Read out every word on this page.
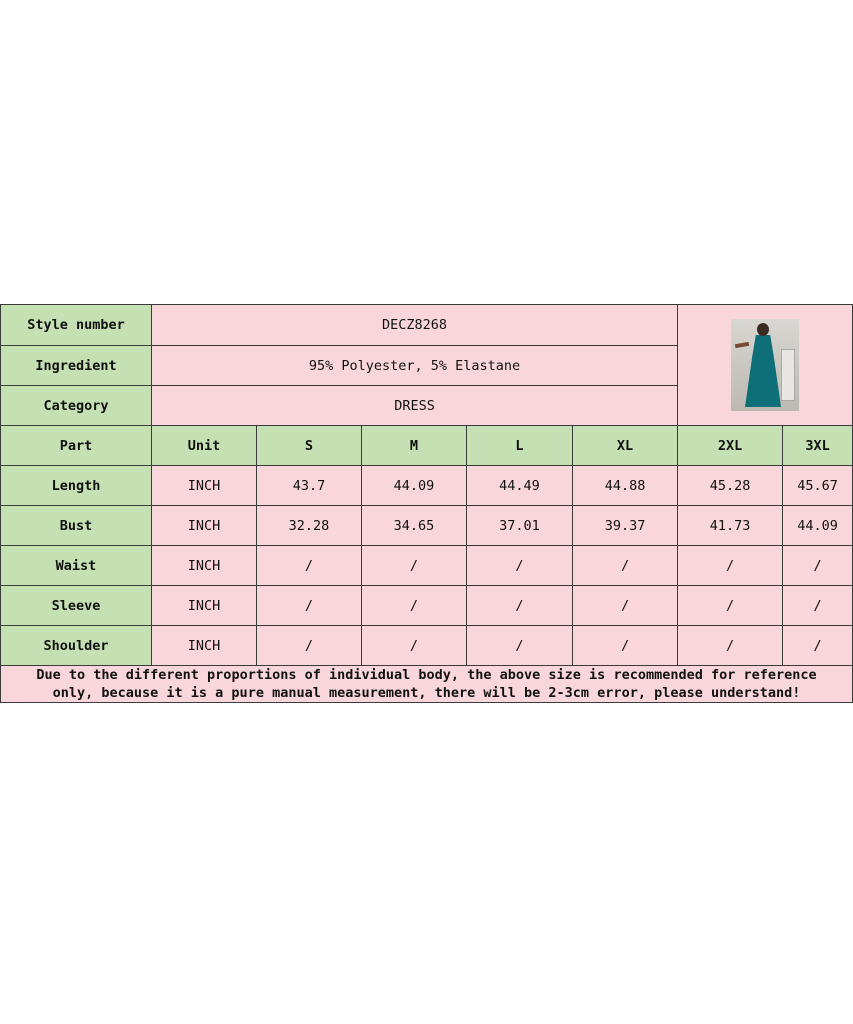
Style number	DECZ8268						

Ingredient	95% Polyester, 5% Elastane						
Category	DRESS						
Part	Unit	S	M	L	XL	2XL	3XL
Length	INCH	43.7	44.09	44.49	44.88	45.28	45.67
Bust	INCH	32.28	34.65	37.01	39.37	41.73	44.09
Waist	INCH	/	/	/	/	/	/
Sleeve	INCH	/	/	/	/	/	/
Shoulder	INCH	/	/	/	/	/	/

Due to the different proportions of individual body, the above size is recommended for reference
only, because it is a pure manual measurement, there will be 2-3cm error, please understand!							
